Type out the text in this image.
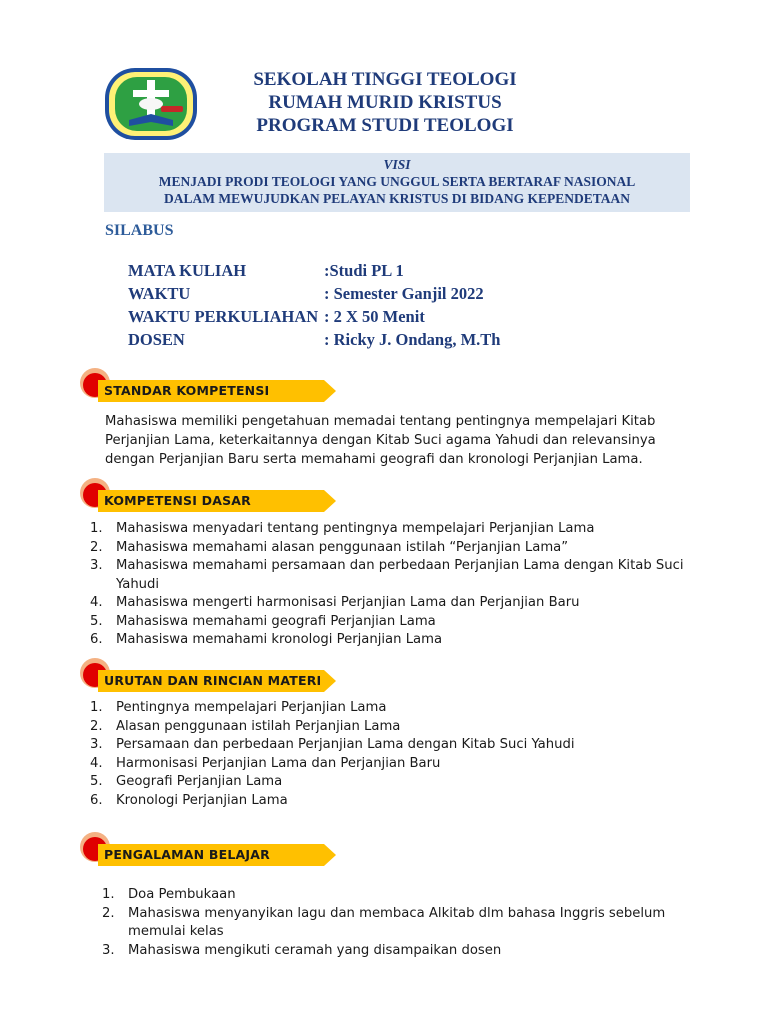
SEKOLAH TINGGI TEOLOGI
RUMAH MURID KRISTUS
PROGRAM STUDI TEOLOGI
VISI
MENJADI PRODI TEOLOGI YANG UNGGUL SERTA BERTARAF NASIONAL
DALAM MEWUJUDKAN PELAYAN KRISTUS DI BIDANG KEPENDETAAN
SILABUS
MATA KULIAH	:Studi PL 1
WAKTU	: Semester Ganjil 2022
WAKTU PERKULIAHAN : 2 X 50 Menit
DOSEN	: Ricky J. Ondang, M.Th
STANDAR KOMPETENSI
Mahasiswa memiliki pengetahuan memadai tentang pentingnya mempelajari Kitab Perjanjian Lama, keterkaitannya dengan Kitab Suci agama Yahudi dan relevansinya dengan Perjanjian Baru serta memahami geografi dan kronologi Perjanjian Lama.
KOMPETENSI DASAR
1. Mahasiswa menyadari tentang pentingnya mempelajari Perjanjian Lama
2. Mahasiswa memahami alasan penggunaan istilah “Perjanjian Lama”
3. Mahasiswa memahami persamaan dan perbedaan Perjanjian Lama dengan Kitab Suci Yahudi
4. Mahasiswa mengerti harmonisasi Perjanjian Lama dan Perjanjian Baru
5. Mahasiswa memahami geografi Perjanjian Lama
6. Mahasiswa memahami kronologi Perjanjian Lama
URUTAN DAN RINCIAN MATERI
1. Pentingnya mempelajari Perjanjian Lama
2. Alasan penggunaan istilah Perjanjian Lama
3. Persamaan dan perbedaan Perjanjian Lama dengan Kitab Suci Yahudi
4. Harmonisasi Perjanjian Lama dan Perjanjian Baru
5. Geografi Perjanjian Lama
6. Kronologi Perjanjian Lama
PENGALAMAN BELAJAR
1. Doa Pembukaan
2. Mahasiswa menyanyikan lagu dan membaca Alkitab dlm bahasa Inggris sebelum memulai kelas
3. Mahasiswa mengikuti ceramah yang disampaikan dosen
